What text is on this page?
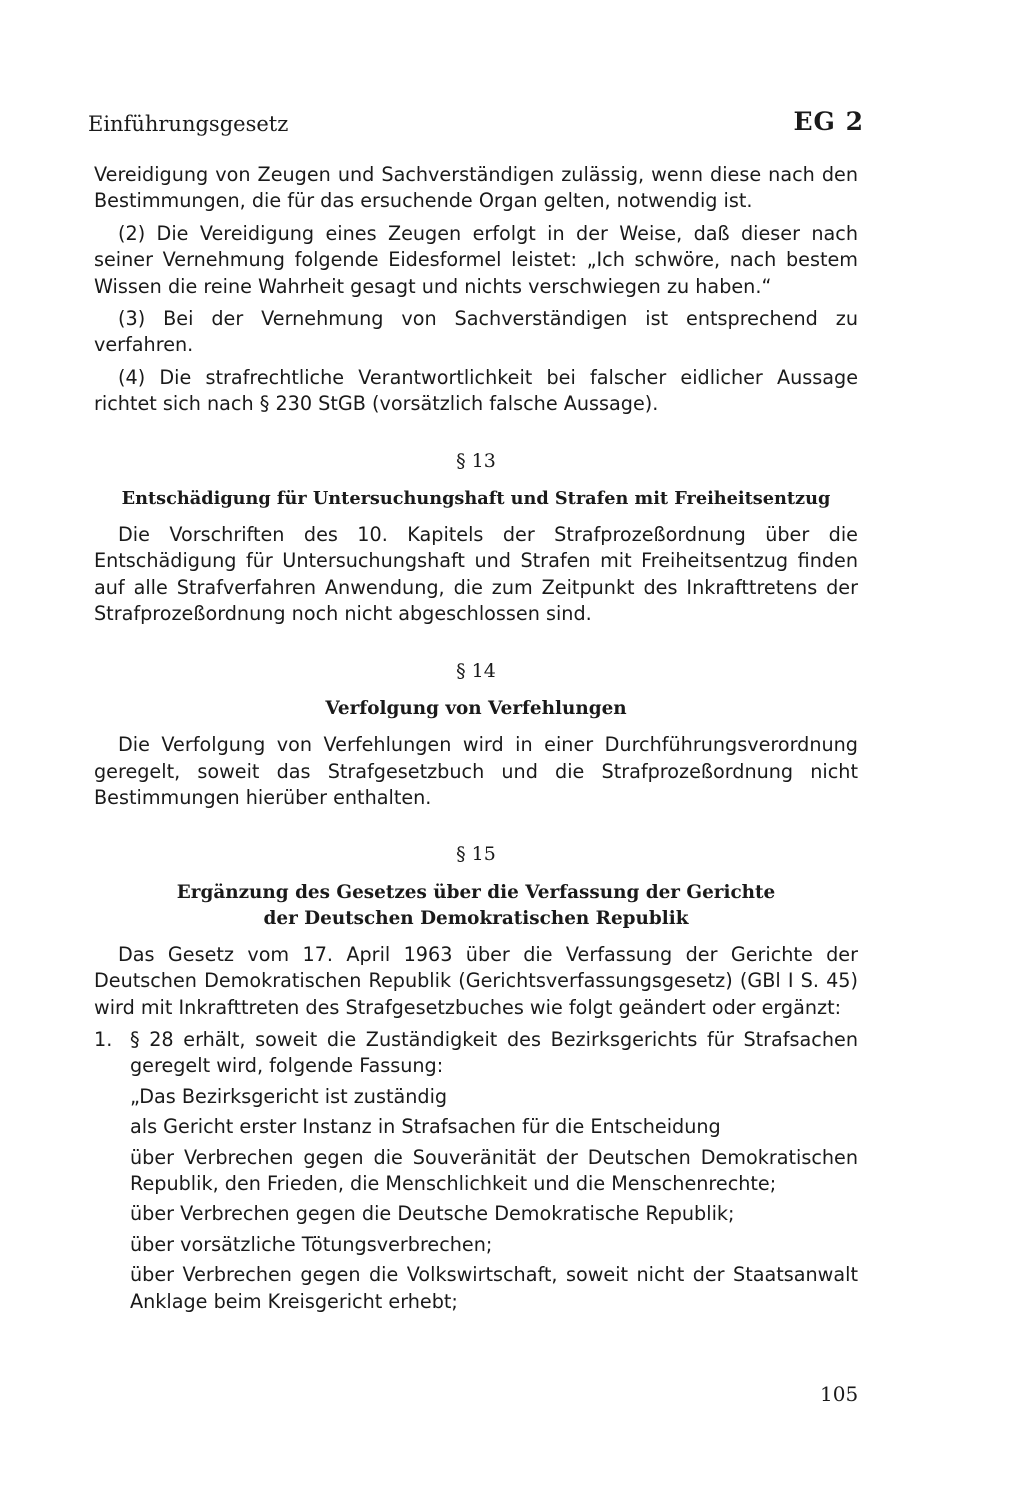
Einführungsgesetz	EG 2

Vereidigung von Zeugen und Sachverständigen zulässig, wenn diese nach den Bestimmungen, die für das ersuchende Organ gelten, notwendig ist.

(2) Die Vereidigung eines Zeugen erfolgt in der Weise, daß dieser nach seiner Vernehmung folgende Eidesformel leistet: „Ich schwöre, nach bestem Wissen die reine Wahrheit gesagt und nichts verschwiegen zu haben.“

(3) Bei der Vernehmung von Sachverständigen ist entsprechend zu verfahren.

(4) Die strafrechtliche Verantwortlichkeit bei falscher eidlicher Aussage richtet sich nach § 230 StGB (vorsätzlich falsche Aussage).

§ 13
Entschädigung für Untersuchungshaft und Strafen mit Freiheitsentzug

Die Vorschriften des 10. Kapitels der Strafprozeßordnung über die Entschädigung für Untersuchungshaft und Strafen mit Freiheitsentzug finden auf alle Strafverfahren Anwendung, die zum Zeitpunkt des Inkrafttretens der Strafprozeßordnung noch nicht abgeschlossen sind.

§ 14
Verfolgung von Verfehlungen

Die Verfolgung von Verfehlungen wird in einer Durchführungsverordnung geregelt, soweit das Strafgesetzbuch und die Strafprozeßordnung nicht Bestimmungen hierüber enthalten.

§ 15
Ergänzung des Gesetzes über die Verfassung der Gerichte
der Deutschen Demokratischen Republik

Das Gesetz vom 17. April 1963 über die Verfassung der Gerichte der Deutschen Demokratischen Republik (Gerichtsverfassungsgesetz) (GBl I S. 45) wird mit Inkrafttreten des Strafgesetzbuches wie folgt geändert oder ergänzt:

1. § 28 erhält, soweit die Zuständigkeit des Bezirksgerichts für Strafsachen geregelt wird, folgende Fassung:

„Das Bezirksgericht ist zuständig

als Gericht erster Instanz in Strafsachen für die Entscheidung

über Verbrechen gegen die Souveränität der Deutschen Demokratischen Republik, den Frieden, die Menschlichkeit und die Menschenrechte;

über Verbrechen gegen die Deutsche Demokratische Republik;

über vorsätzliche Tötungsverbrechen;

über Verbrechen gegen die Volkswirtschaft, soweit nicht der Staatsanwalt Anklage beim Kreisgericht erhebt;

105
